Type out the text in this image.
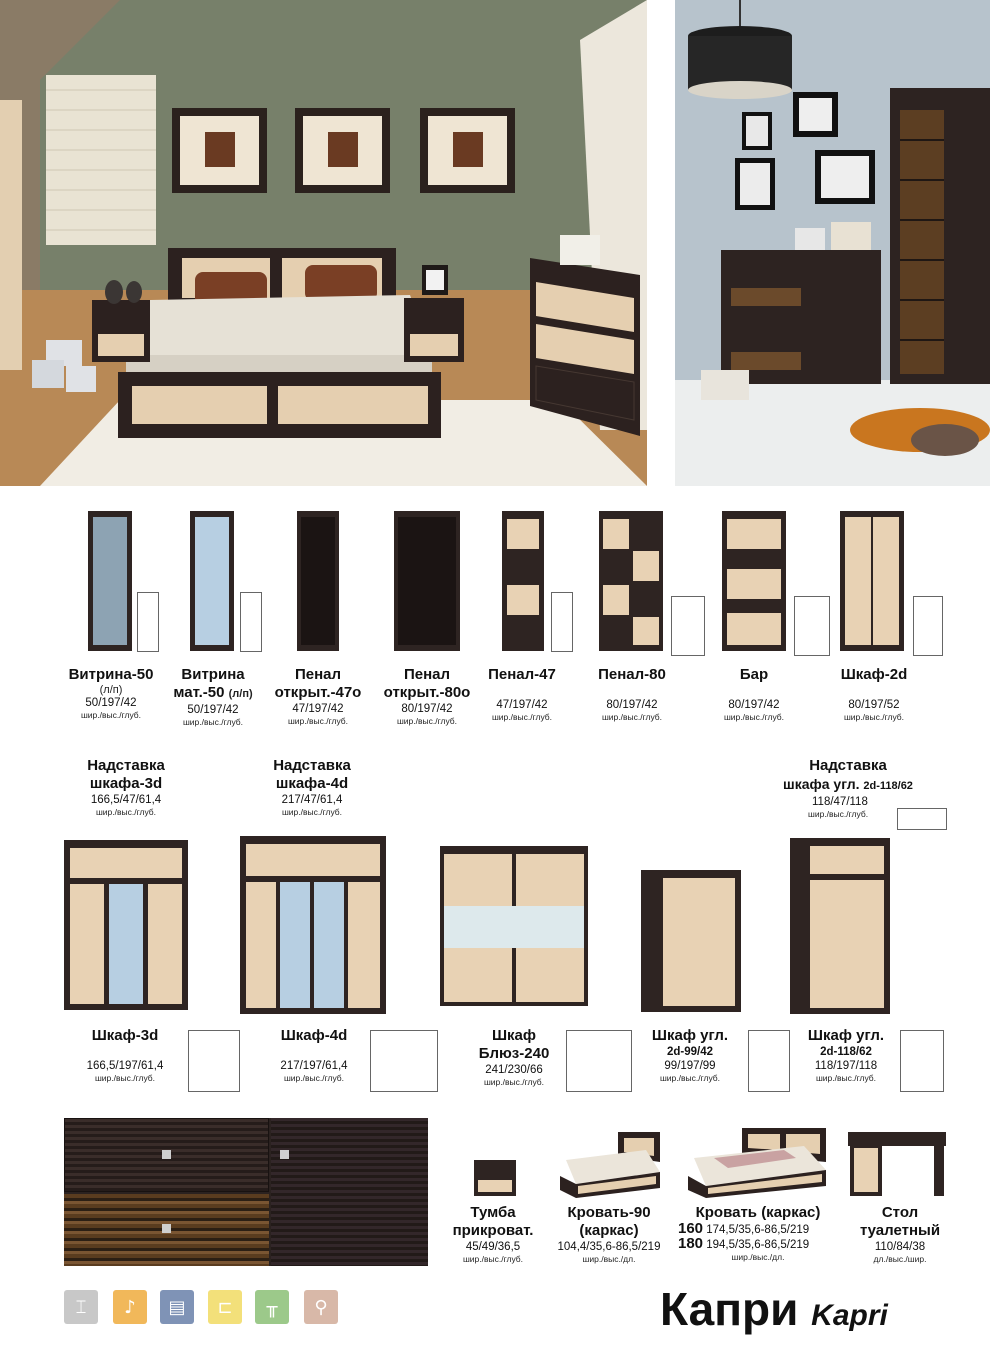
Витрина-50
(л/п)
50/197/42
шир./выс./глуб.
Витрина
мат.-50 (л/п)
50/197/42
шир./выс./глуб.
Пенал
открыт.-47о
47/197/42
шир./выс./глуб.
Пенал
открыт.-80о
80/197/42
шир./выс./глуб.
Пенал-47
47/197/42
шир./выс./глуб.
Пенал-80
80/197/42
шир./выс./глуб.
Бар
80/197/42
шир./выс./глуб.
Шкаф-2d
80/197/52
шир./выс./глуб.
Надставка
шкафа-3d
166,5/47/61,4
шир./выс./глуб.
Надставка
шкафа-4d
217/47/61,4
шир./выс./глуб.
Надставка
шкафа угл. 2d-118/62
118/47/118
шир./выс./глуб.
Шкаф-3d
166,5/197/61,4
шир./выс./глуб.
Шкаф-4d
217/197/61,4
шир./выс./глуб.
Шкаф
Блюз-240
241/230/66
шир./выс./глуб.
Шкаф угл.
2d-99/42
99/197/99
шир./выс./глуб.
Шкаф угл.
2d-118/62
118/197/118
шир./выс./глуб.
Тумба
прикроват.
45/49/36,5
шир./выс./глуб.
Кровать-90
(каркас)
104,4/35,6-86,5/219
шир./выс./дл.
Кровать (каркас)
160 174,5/35,6-86,5/219
180 194,5/35,6-86,5/219
шир./выс./дл.
Стол
туалетный
110/84/38
дл./выс./шир.
⌶	♪	▤	⊏	╥	⚲	Капри Kapri
